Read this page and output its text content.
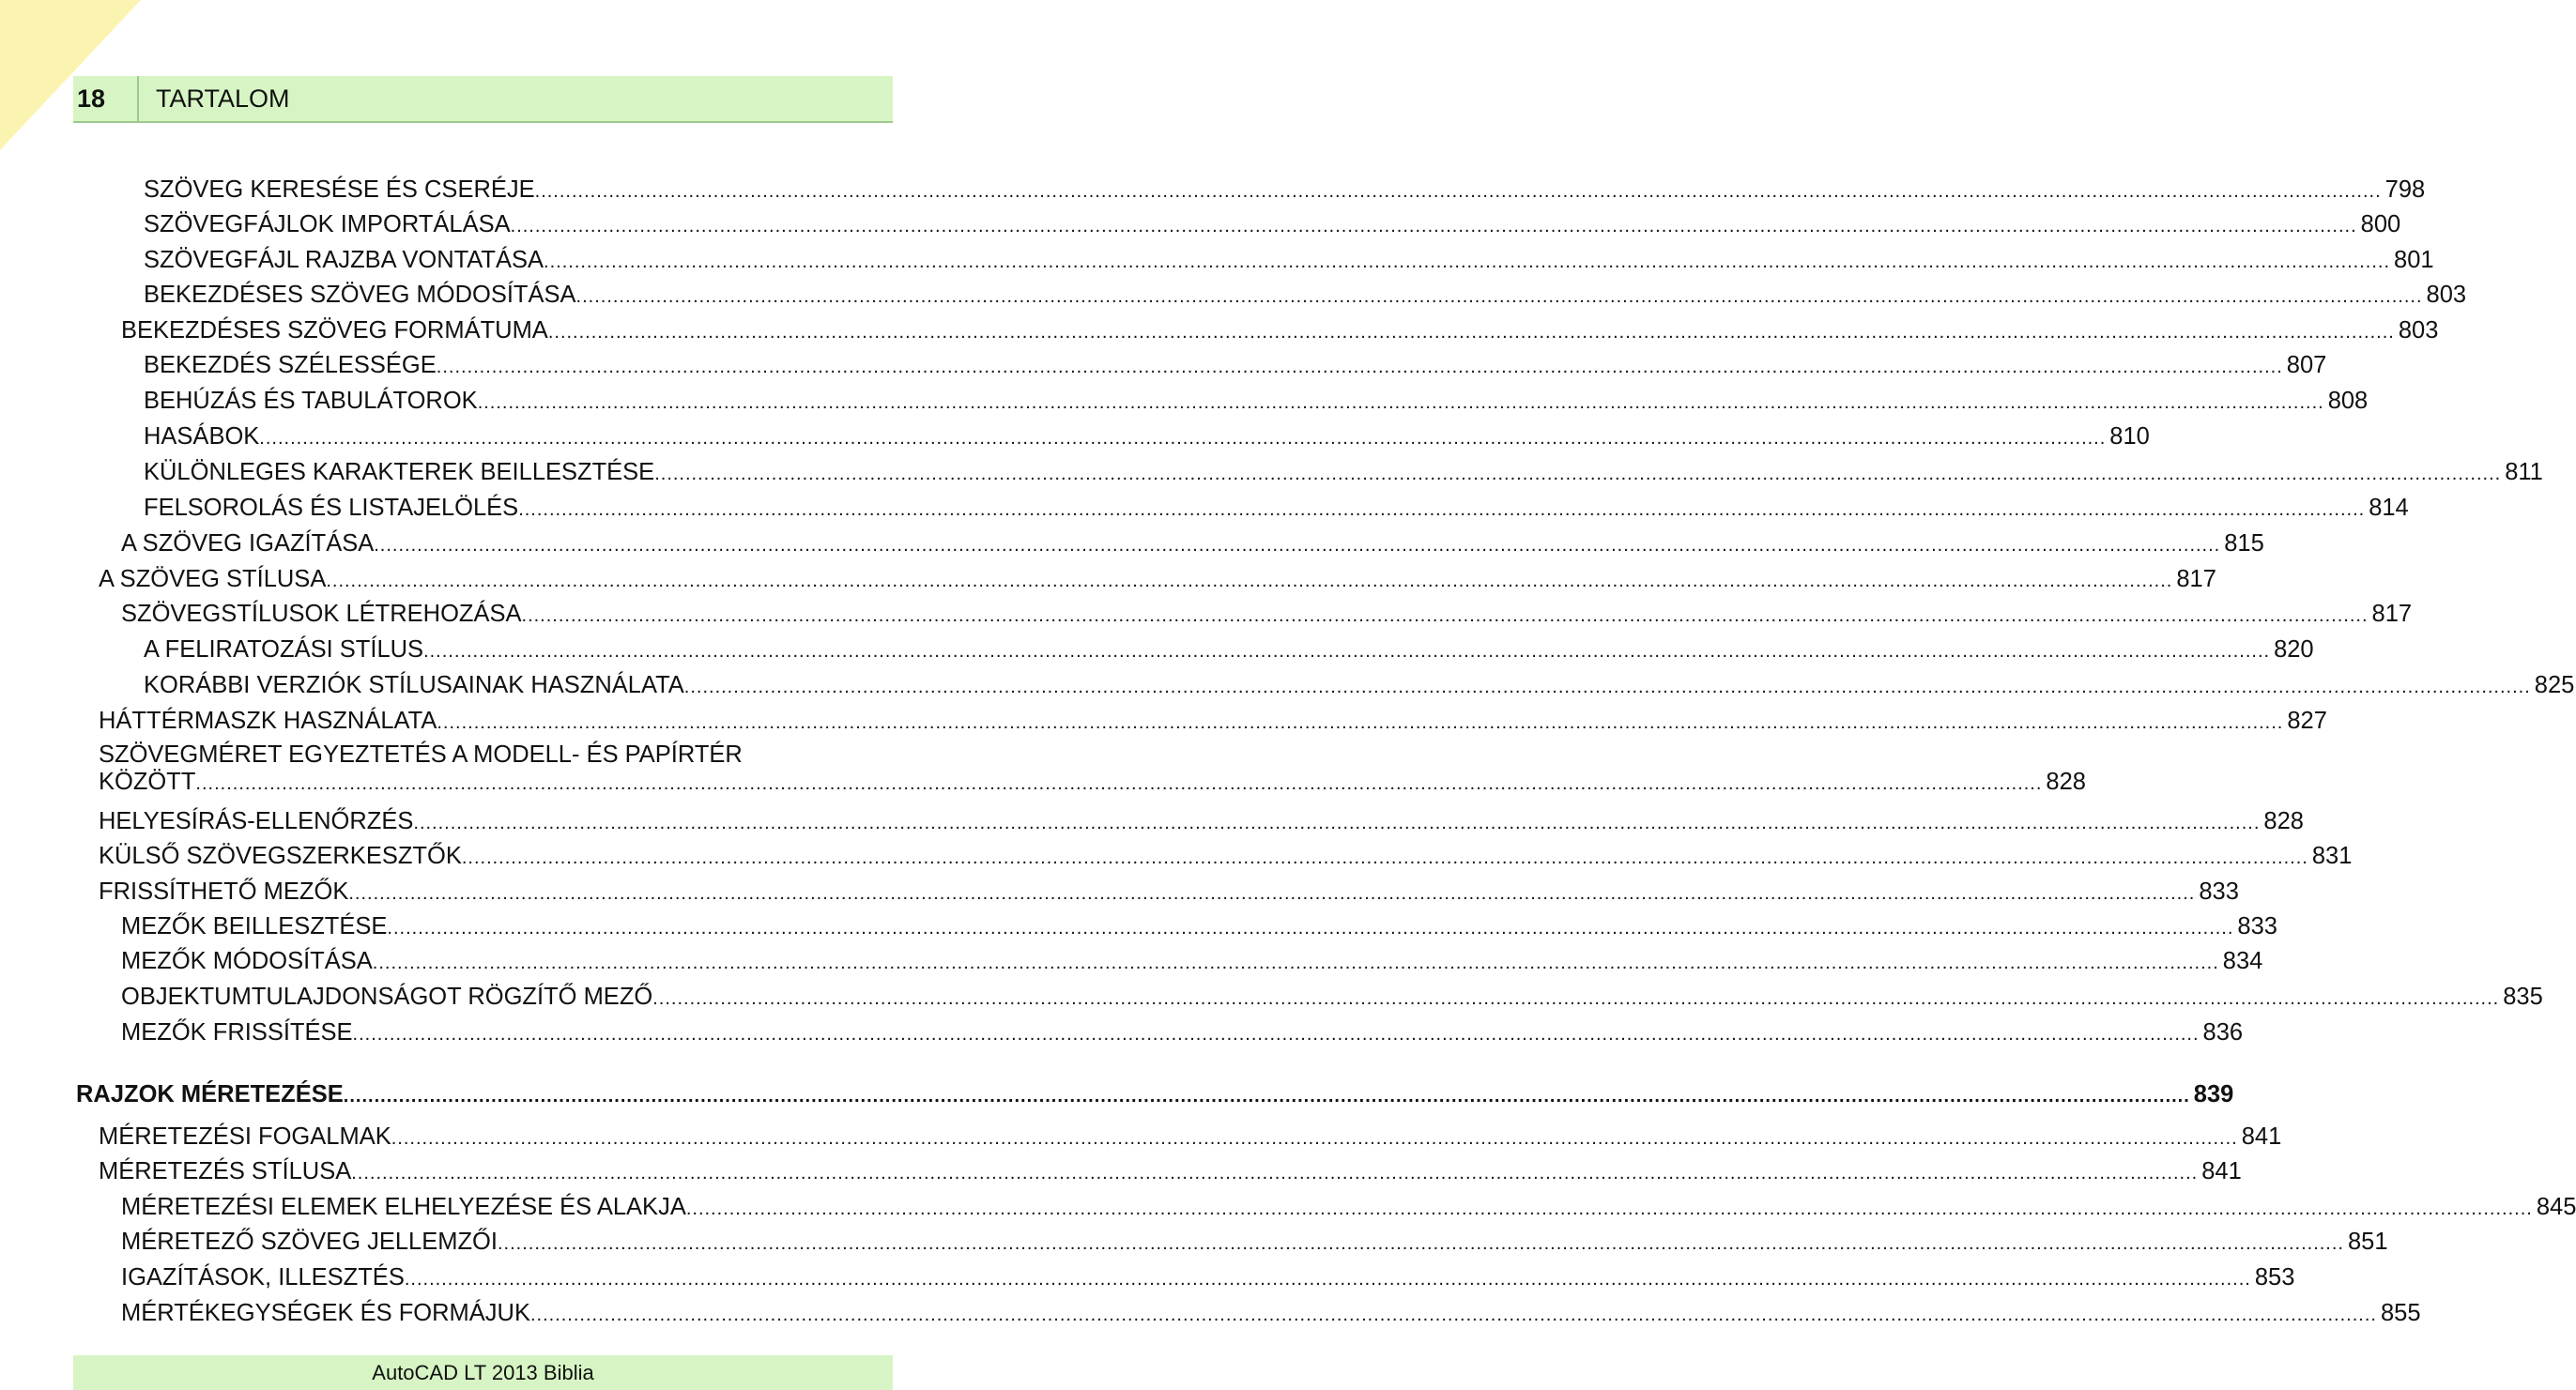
18	TARTALOM
SZÖVEG KERESÉSE ÉS CSERÉJE ............................................................................................................................................................................................................................................................................................................ 798
SZÖVEGFÁJLOK IMPORTÁLÁSA ............................................................................................................................................................................................................................................................................................................ 800
SZÖVEGFÁJL RAJZBA VONTATÁSA ............................................................................................................................................................................................................................................................................................................ 801
BEKEZDÉSES SZÖVEG MÓDOSÍTÁSA ............................................................................................................................................................................................................................................................................................................ 803
BEKEZDÉSES SZÖVEG FORMÁTUMA ............................................................................................................................................................................................................................................................................................................ 803
BEKEZDÉS SZÉLESSÉGE ............................................................................................................................................................................................................................................................................................................ 807
BEHÚZÁS ÉS TABULÁTOROK ............................................................................................................................................................................................................................................................................................................ 808
HASÁBOK ............................................................................................................................................................................................................................................................................................................ 810
KÜLÖNLEGES KARAKTEREK BEILLESZTÉSE ............................................................................................................................................................................................................................................................................................................ 811
FELSOROLÁS ÉS LISTAJELÖLÉS ............................................................................................................................................................................................................................................................................................................ 814
A SZÖVEG IGAZÍTÁSA ............................................................................................................................................................................................................................................................................................................ 815
A SZÖVEG STÍLUSA ............................................................................................................................................................................................................................................................................................................ 817
SZÖVEGSTÍLUSOK LÉTREHOZÁSA ............................................................................................................................................................................................................................................................................................................ 817
A FELIRATOZÁSI STÍLUS ............................................................................................................................................................................................................................................................................................................ 820
KORÁBBI VERZIÓK STÍLUSAINAK HASZNÁLATA ............................................................................................................................................................................................................................................................................................................ 825
HÁTTÉRMASZK HASZNÁLATA ............................................................................................................................................................................................................................................................................................................ 827
SZÖVEGMÉRET EGYEZTETÉS A MODELL- ÉS PAPÍRTÉR
KÖZÖTT ............................................................................................................................................................................................................................................................................................................ 828
HELYESÍRÁS-ELLENŐRZÉS ............................................................................................................................................................................................................................................................................................................ 828
KÜLSŐ SZÖVEGSZERKESZTŐK ............................................................................................................................................................................................................................................................................................................ 831
FRISSÍTHETŐ MEZŐK ............................................................................................................................................................................................................................................................................................................ 833
MEZŐK BEILLESZTÉSE ............................................................................................................................................................................................................................................................................................................ 833
MEZŐK MÓDOSÍTÁSA ............................................................................................................................................................................................................................................................................................................ 834
OBJEKTUMTULAJDONSÁGOT RÖGZÍTŐ MEZŐ ............................................................................................................................................................................................................................................................................................................ 835
MEZŐK FRISSÍTÉSE ............................................................................................................................................................................................................................................................................................................ 836
RAJZOK MÉRETEZÉSE ............................................................................................................................................................................................................................................................................................................ 839
MÉRETEZÉSI FOGALMAK ............................................................................................................................................................................................................................................................................................................ 841
MÉRETEZÉS STÍLUSA ............................................................................................................................................................................................................................................................................................................ 841
MÉRETEZÉSI ELEMEK ELHELYEZÉSE ÉS ALAKJA ............................................................................................................................................................................................................................................................................................................ 845
MÉRETEZŐ SZÖVEG JELLEMZŐI ............................................................................................................................................................................................................................................................................................................ 851
IGAZÍTÁSOK, ILLESZTÉS ............................................................................................................................................................................................................................................................................................................ 853
MÉRTÉKEGYSÉGEK ÉS FORMÁJUK ............................................................................................................................................................................................................................................................................................................ 855
AutoCAD LT 2013 Biblia
